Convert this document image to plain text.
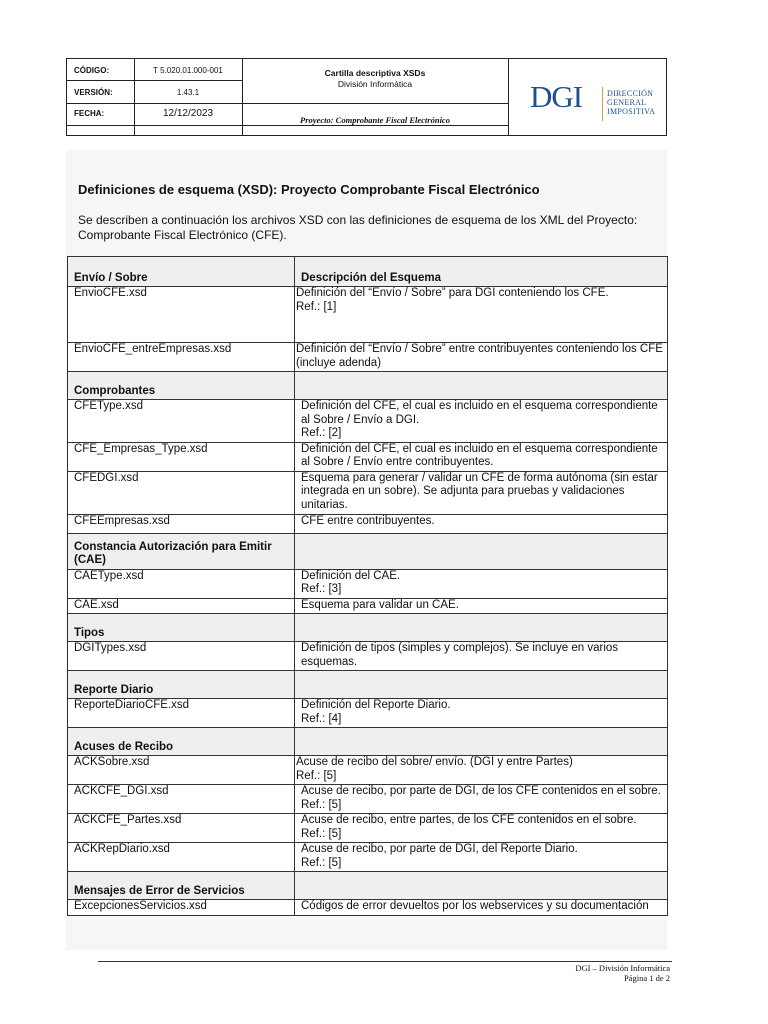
CÓDIGO:	T 5.020.01.000-001
VERSIÓN:	1.43.1
FECHA:	12/12/2023
Cartilla descriptiva XSDs
División Informática
Proyecto: Comprobante Fiscal Electrónico
DGI	DIRECCIÓN
GENERAL
IMPOSITIVA
Definiciones de esquema (XSD): Proyecto Comprobante Fiscal Electrónico

Se describen a continuación los archivos XSD con las definiciones de esquema de los XML del Proyecto: Comprobante Fiscal Electrónico (CFE).

Envío / Sobre	Descripción del Esquema
EnvioCFE.xsd	Definición del “Envío / Sobre” para DGI conteniendo los CFE.
Ref.: [1]

EnvioCFE_entreEmpresas.xsd	Definición del “Envío / Sobre” entre contribuyentes conteniendo los CFE (incluye adenda)

Comprobantes	
CFEType.xsd	Definición del CFE, el cual es incluido en el esquema correspondiente al Sobre / Envío a DGI.
Ref.: [2]

CFE_Empresas_Type.xsd	Definición del CFE, el cual es incluido en el esquema correspondiente al Sobre / Envío entre contribuyentes.

CFEDGI.xsd	Esquema para generar / validar un CFE de forma autónoma (sin estar integrada en un sobre). Se adjunta para pruebas y validaciones unitarias.

CFEEmpresas.xsd	CFE entre contribuyentes.

Constancia Autorización para Emitir (CAE)	
CAEType.xsd	Definición del CAE.
Ref.: [3]

CAE.xsd	Esquema para validar un CAE.

Tipos	
DGITypes.xsd	Definición de tipos (simples y complejos). Se incluye en varios esquemas.

Reporte Diario	
ReporteDiarioCFE.xsd	Definición del Reporte Diario.
Ref.: [4]

Acuses de Recibo	
ACKSobre.xsd	Acuse de recibo del sobre/ envío. (DGI y entre Partes)
Ref.: [5]

ACKCFE_DGI.xsd	Acuse de recibo, por parte de DGI, de los CFE contenidos en el sobre. Ref.: [5]

ACKCFE_Partes.xsd	Acuse de recibo, entre partes, de los CFE contenidos en el sobre.
Ref.: [5]

ACKRepDiario.xsd	Acuse de recibo, por parte de DGI, del Reporte Diario.
Ref.: [5]

Mensajes de Error de Servicios	
ExcepcionesServicios.xsd	Códigos de error devueltos por los webservices y su documentación
DGI – División Informática
Página 1 de 2
